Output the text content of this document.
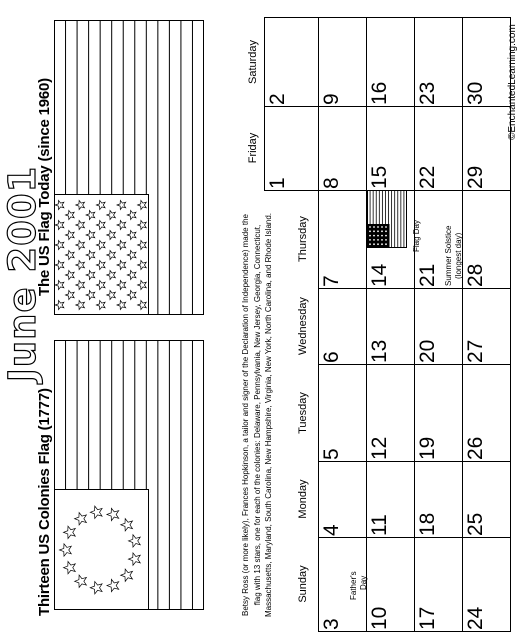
Thirteen US Colonies Flag (1777)
June 2001
The US Flag Today (since 1960)	©EnchantedLearning.com
Betsy Ross (or more likely), Frances Hopkinson, a tailor and signer of the Declaration of Independence) made the flag with 13 stars, one for each of the colonies: Delaware, Pennsylvania, New Jersey, Georgia, Connecticut, Massachusetts, Maryland, South Carolina, New Hampshire, Virginia, New York, North Carolina, and Rhode Island.
1
2
3
4
5
6
7
8
9
10
11
12
13
14
15
16
17
18
19
20
21
22
23
24
25
26
27
28
29
30
Sunday
Monday
Tuesday
Wednesday
Thursday
Friday
Saturday
Father's Day
Flag Day	Summer Solstice (longest day)
